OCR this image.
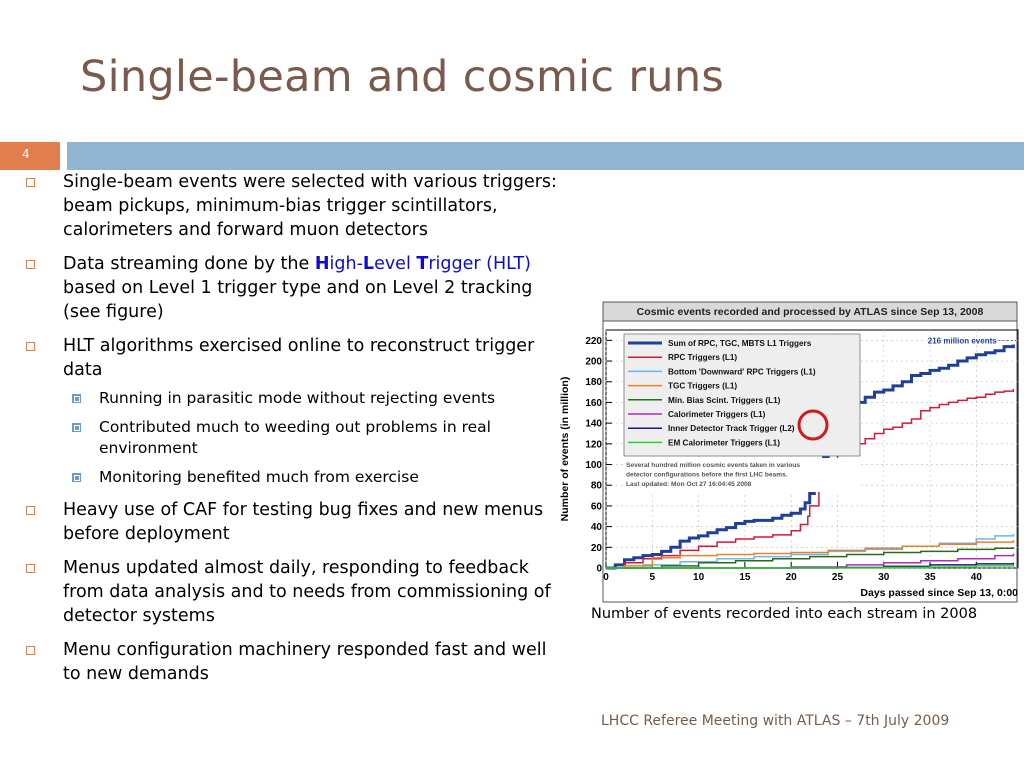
Single-beam and cosmic runs
4
Single-beam events were selected with various triggers: beam pickups, minimum-bias trigger scintillators, calorimeters and forward muon detectors
Data streaming done by the High-Level Trigger (HLT) based on Level 1 trigger type and on Level 2 tracking (see figure)
HLT algorithms exercised online to reconstruct trigger data
Running in parasitic mode without rejecting events
Contributed much to weeding out problems in real environment
Monitoring benefited much from exercise
Heavy use of CAF for testing bug fixes and new menus before deployment
Menus updated almost daily, responding to feedback from data analysis and to needs from commissioning of detector systems
Menu configuration machinery responded fast and well to new demands
Cosmic events recorded and processed by ATLAS since Sep 13, 2008
0
20
40
60
80
100
120
140
160
180
200
220
0	5	10	15	20	25	30	35	40
Days passed since Sep 13, 0:00
Number of events (in million)
216 million events
Sum of RPC, TGC, MBTS L1 Triggers
RPC Triggers (L1)
Bottom 'Downward' RPC Triggers (L1)
TGC Triggers (L1)
Min. Bias Scint. Triggers (L1)
Calorimeter Triggers (L1)
Inner Detector Track Trigger (L2)
EM Calorimeter Triggers (L1)
Several hundred million cosmic events taken in various
detector configurations before the first LHC beams.
Last updated: Mon Oct 27 16:04:45 2008
Number of events recorded into each stream in 2008
LHCC Referee Meeting with ATLAS – 7th July 2009
